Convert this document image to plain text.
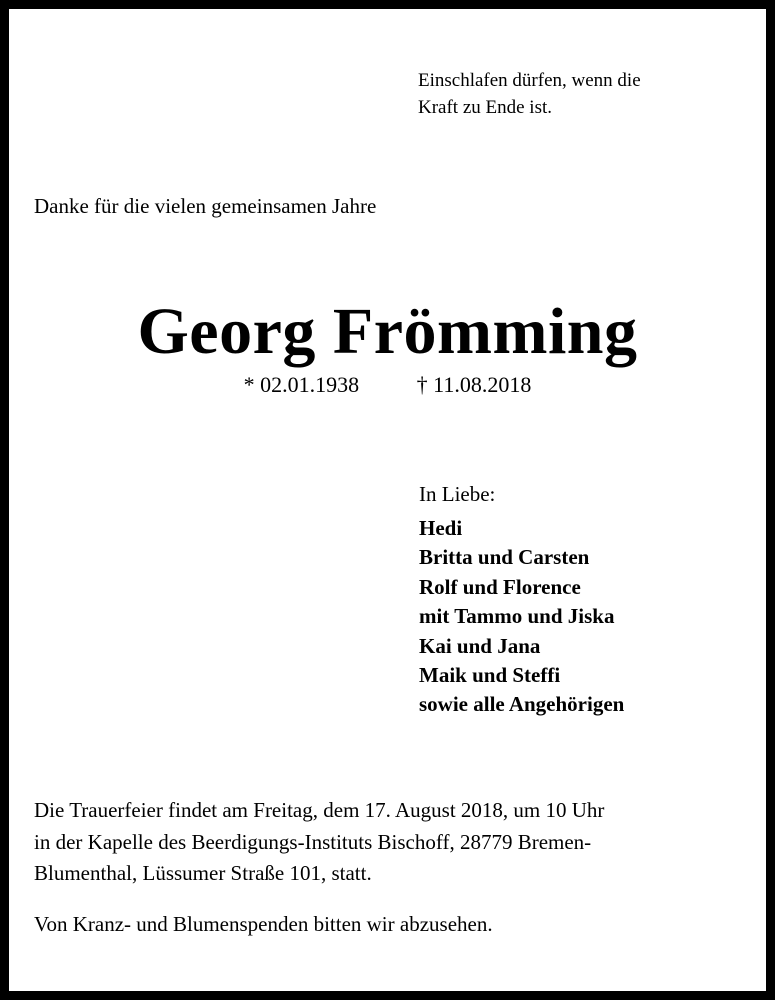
Einschlafen dürfen, wenn die
Kraft zu Ende ist.
Danke für die vielen gemeinsamen Jahre
Georg Frömming
* 02.01.1938	† 11.08.2018
In Liebe:
Hedi
Britta und Carsten
Rolf und Florence
mit Tammo und Jiska
Kai und Jana
Maik und Steffi
sowie alle Angehörigen
Die Trauerfeier findet am Freitag, dem 17. August 2018, um 10 Uhr
in der Kapelle des Beerdigungs-Instituts Bischoff, 28779 Bremen-
Blumenthal, Lüssumer Straße 101, statt.
Von Kranz- und Blumenspenden bitten wir abzusehen.
